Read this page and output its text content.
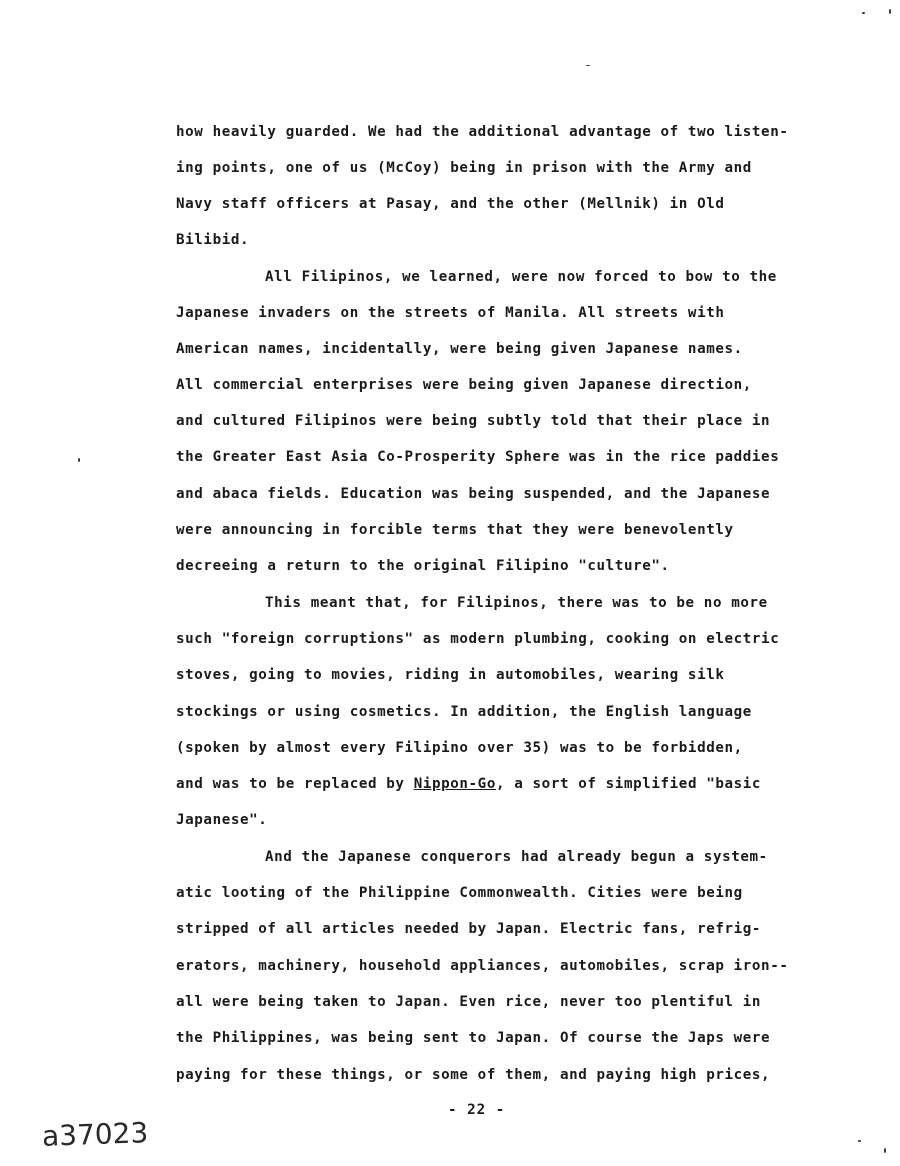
how heavily guarded. We had the additional advantage of two listen-
ing points, one of us (McCoy) being in prison with the Army and
Navy staff officers at Pasay, and the other (Mellnik) in Old
Bilibid.
All Filipinos, we learned, were now forced to bow to the
Japanese invaders on the streets of Manila. All streets with
American names, incidentally, were being given Japanese names.
All commercial enterprises were being given Japanese direction,
and cultured Filipinos were being subtly told that their place in
the Greater East Asia Co-Prosperity Sphere was in the rice paddies
and abaca fields. Education was being suspended, and the Japanese
were announcing in forcible terms that they were benevolently
decreeing a return to the original Filipino "culture".
This meant that, for Filipinos, there was to be no more
such "foreign corruptions" as modern plumbing, cooking on electric
stoves, going to movies, riding in automobiles, wearing silk
stockings or using cosmetics. In addition, the English language
(spoken by almost every Filipino over 35) was to be forbidden,
and was to be replaced by Nippon-Go, a sort of simplified "basic
Japanese".
And the Japanese conquerors had already begun a system-
atic looting of the Philippine Commonwealth. Cities were being
stripped of all articles needed by Japan. Electric fans, refrig-
erators, machinery, household appliances, automobiles, scrap iron--
all were being taken to Japan. Even rice, never too plentiful in
the Philippines, was being sent to Japan. Of course the Japs were
paying for these things, or some of them, and paying high prices,
- 22 -
a37023
